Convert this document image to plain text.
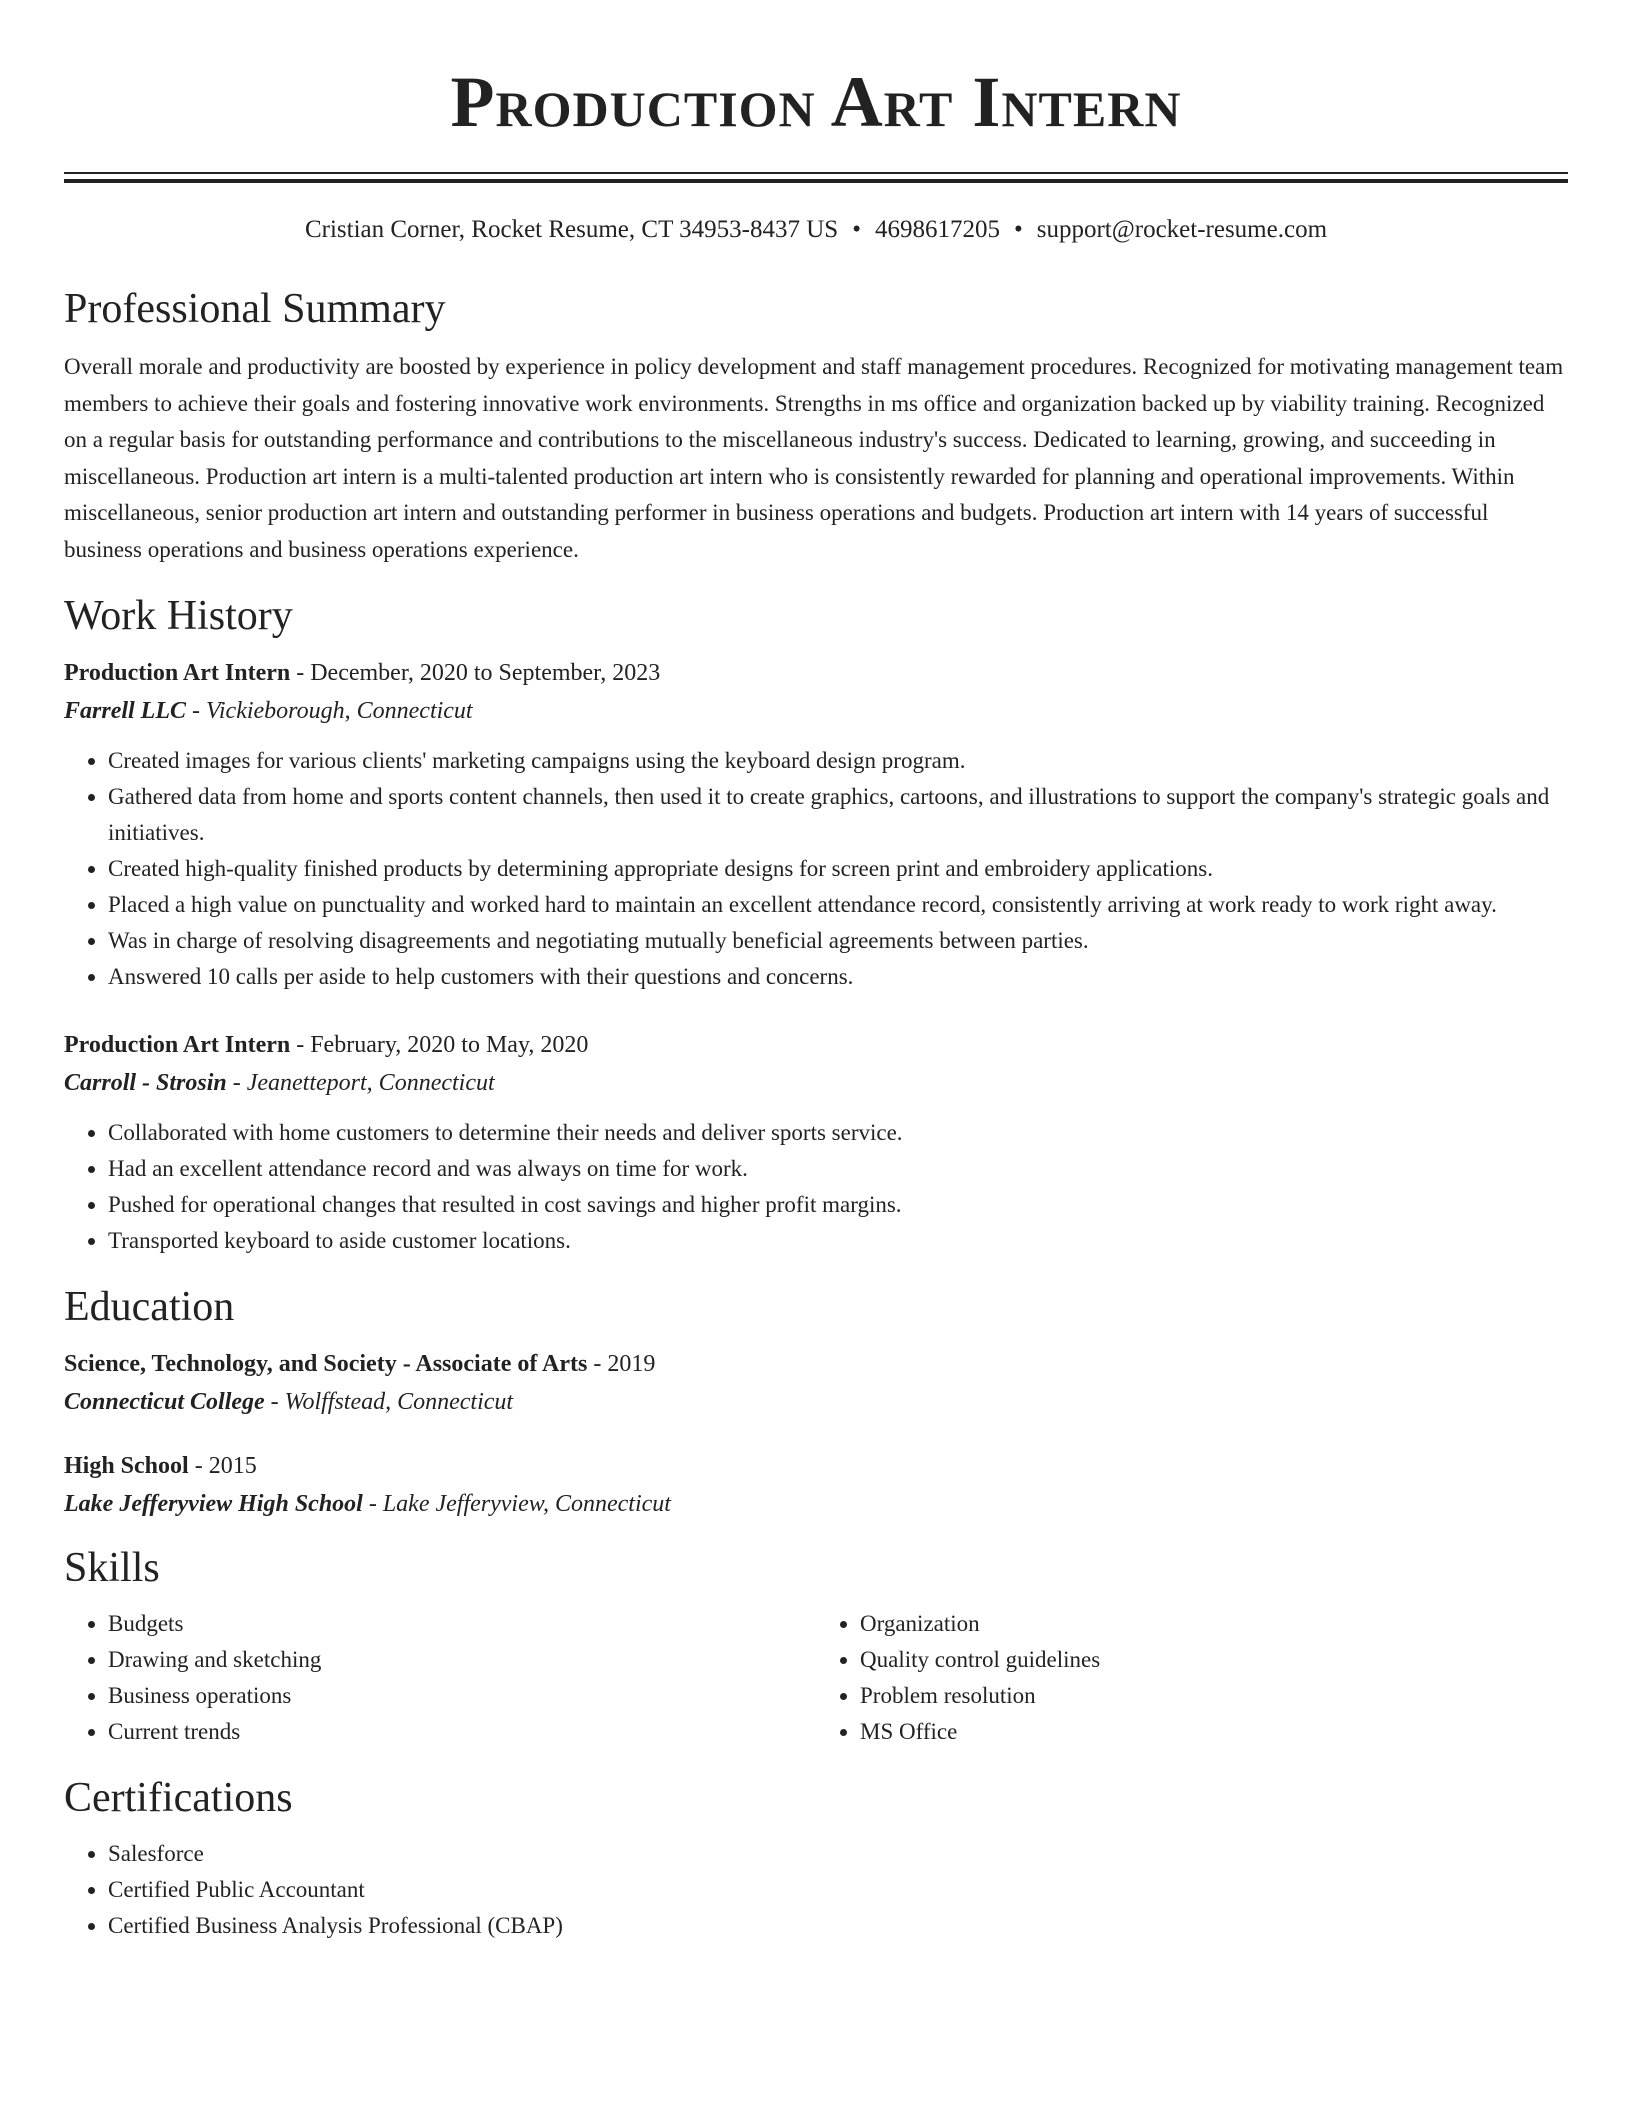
Production Art Intern
Cristian Corner, Rocket Resume, CT 34953-8437 US • 4698617205 • support@rocket-resume.com
Professional Summary

Overall morale and productivity are boosted by experience in policy development and staff management procedures. Recognized for motivating management team members to achieve their goals and fostering innovative work environments. Strengths in ms office and organization backed up by viability training. Recognized on a regular basis for outstanding performance and contributions to the miscellaneous industry's success. Dedicated to learning, growing, and succeeding in miscellaneous. Production art intern is a multi-talented production art intern who is consistently rewarded for planning and operational improvements. Within miscellaneous, senior production art intern and outstanding performer in business operations and budgets. Production art intern with 14 years of successful business operations and business operations experience.

Work History
Production Art Intern - December, 2020 to September, 2023
Farrell LLC - Vickieborough, Connecticut
• Created images for various clients' marketing campaigns using the keyboard design program.
• Gathered data from home and sports content channels, then used it to create graphics, cartoons, and illustrations to support the company's strategic goals and initiatives.
• Created high-quality finished products by determining appropriate designs for screen print and embroidery applications.
• Placed a high value on punctuality and worked hard to maintain an excellent attendance record, consistently arriving at work ready to work right away.
• Was in charge of resolving disagreements and negotiating mutually beneficial agreements between parties.
• Answered 10 calls per aside to help customers with their questions and concerns.
Production Art Intern - February, 2020 to May, 2020
Carroll - Strosin - Jeanetteport, Connecticut
• Collaborated with home customers to determine their needs and deliver sports service.
• Had an excellent attendance record and was always on time for work.
• Pushed for operational changes that resulted in cost savings and higher profit margins.
• Transported keyboard to aside customer locations.
Education
Science, Technology, and Society - Associate of Arts - 2019
Connecticut College - Wolffstead, Connecticut
High School - 2015
Lake Jefferyview High School - Lake Jefferyview, Connecticut
Skills
• Budgets
• Drawing and sketching
• Business operations
• Current trends
• Organization
• Quality control guidelines
• Problem resolution
• MS Office
Certifications
• Salesforce
• Certified Public Accountant
• Certified Business Analysis Professional (CBAP)
